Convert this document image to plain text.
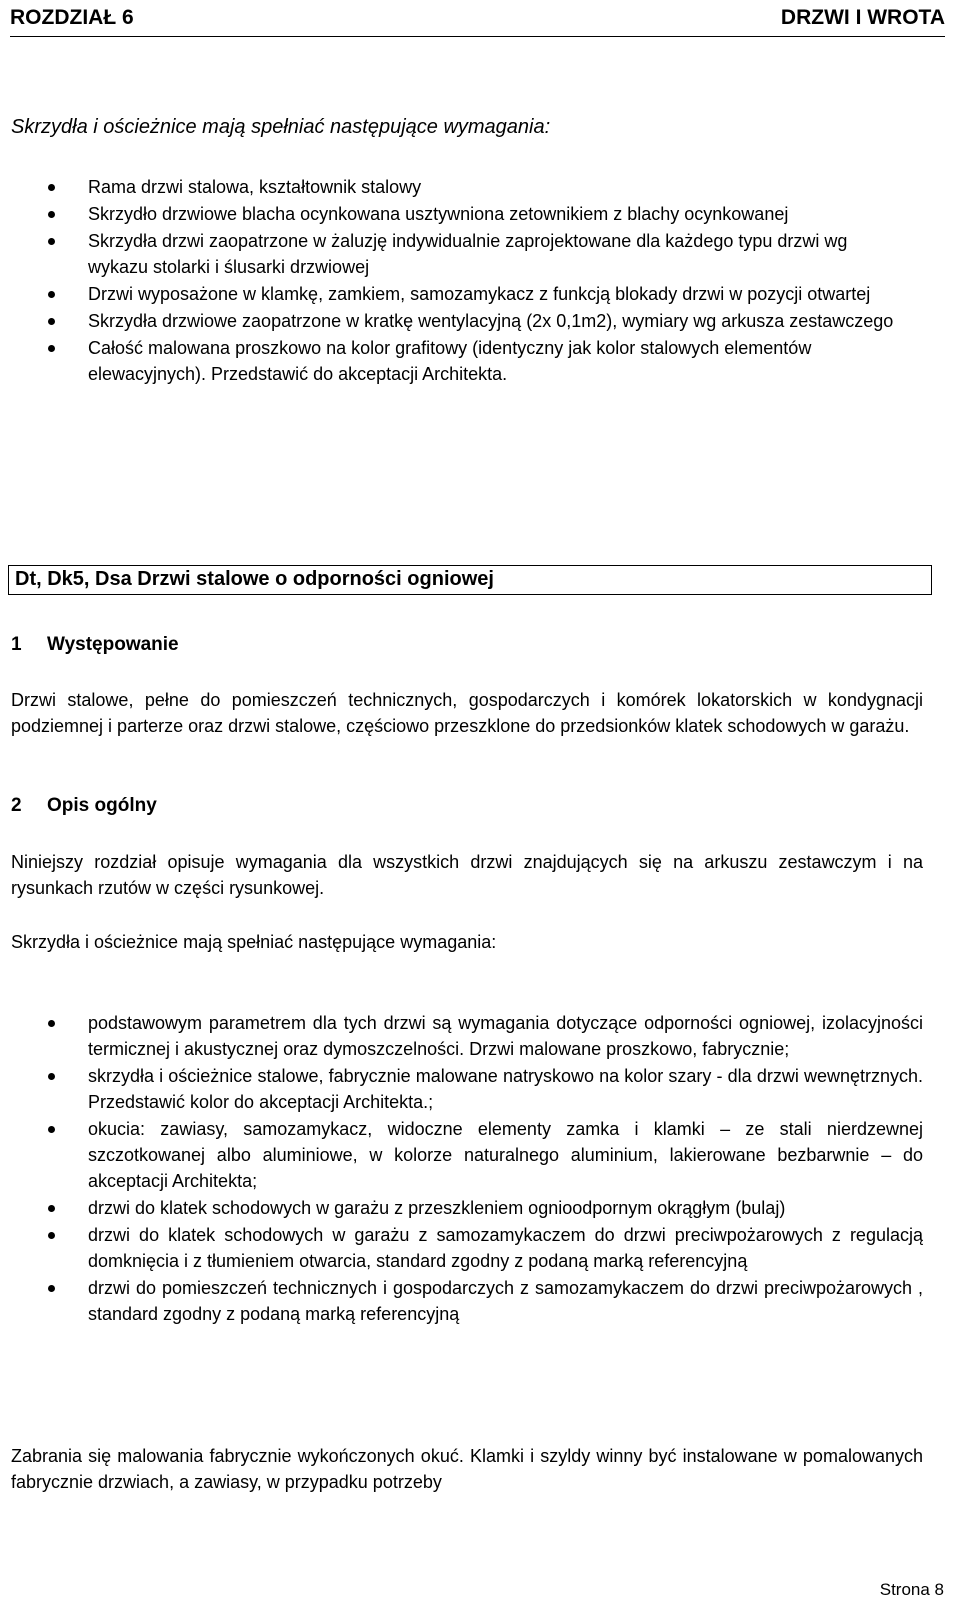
ROZDZIAŁ 6	DRZWI I WROTA
Skrzydła i ościeżnice mają spełniać następujące wymagania:
Rama drzwi stalowa, kształtownik stalowy
Skrzydło drzwiowe blacha ocynkowana usztywniona zetownikiem z blachy ocynkowanej
Skrzydła drzwi zaopatrzone w żaluzję indywidualnie zaprojektowane dla każdego typu drzwi wg wykazu stolarki i ślusarki drzwiowej
Drzwi wyposażone w klamkę, zamkiem, samozamykacz z funkcją blokady drzwi w pozycji otwartej
Skrzydła drzwiowe zaopatrzone w kratkę wentylacyjną (2x 0,1m2), wymiary wg arkusza zestawczego
Całość malowana proszkowo na kolor grafitowy (identyczny jak kolor stalowych elementów elewacyjnych). Przedstawić do akceptacji Architekta.
Dt, Dk5, Dsa Drzwi stalowe o odporności ogniowej
1 Występowanie
Drzwi stalowe, pełne do pomieszczeń technicznych, gospodarczych i komórek lokatorskich w kondygnacji podziemnej i parterze oraz drzwi stalowe, częściowo przeszklone do przedsionków klatek schodowych w garażu.
2 Opis ogólny
Niniejszy rozdział opisuje wymagania dla wszystkich drzwi znajdujących się na arkuszu zestawczym i na rysunkach rzutów w części rysunkowej.
Skrzydła i ościeżnice mają spełniać następujące wymagania:
podstawowym parametrem dla tych drzwi są wymagania dotyczące odporności ogniowej, izolacyjności termicznej i akustycznej oraz dymoszczelności. Drzwi malowane proszkowo, fabrycznie;
skrzydła i ościeżnice stalowe, fabrycznie malowane natryskowo na kolor szary - dla drzwi wewnętrznych. Przedstawić kolor do akceptacji Architekta.;
okucia: zawiasy, samozamykacz, widoczne elementy zamka i klamki – ze stali nierdzewnej szczotkowanej albo aluminiowe, w kolorze naturalnego aluminium, lakierowane bezbarwnie – do akceptacji Architekta;
drzwi do klatek schodowych w garażu z przeszkleniem ognioodpornym okrągłym (bulaj)
drzwi do klatek schodowych w garażu z samozamykaczem do drzwi preciwpożarowych z regulacją domknięcia i z tłumieniem otwarcia, standard zgodny z podaną marką referencyjną
drzwi do pomieszczeń technicznych i gospodarczych z samozamykaczem do drzwi preciwpożarowych , standard zgodny z podaną marką referencyjną
Zabrania się malowania fabrycznie wykończonych okuć. Klamki i szyldy winny być instalowane w pomalowanych fabrycznie drzwiach, a zawiasy, w przypadku potrzeby
Strona 8
